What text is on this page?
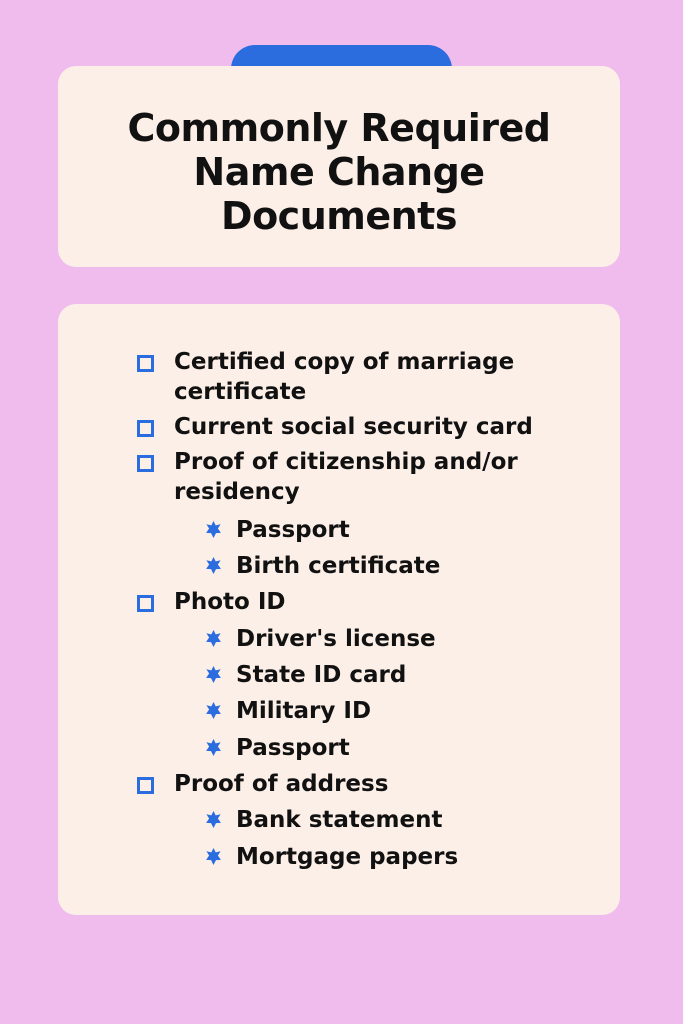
Commonly Required Name Change Documents
Certified copy of marriage certificate
Current social security card
Proof of citizenship and/or residency
Passport
Birth certificate
Photo ID
Driver's license
State ID card
Military ID
Passport
Proof of address
Bank statement
Mortgage papers
